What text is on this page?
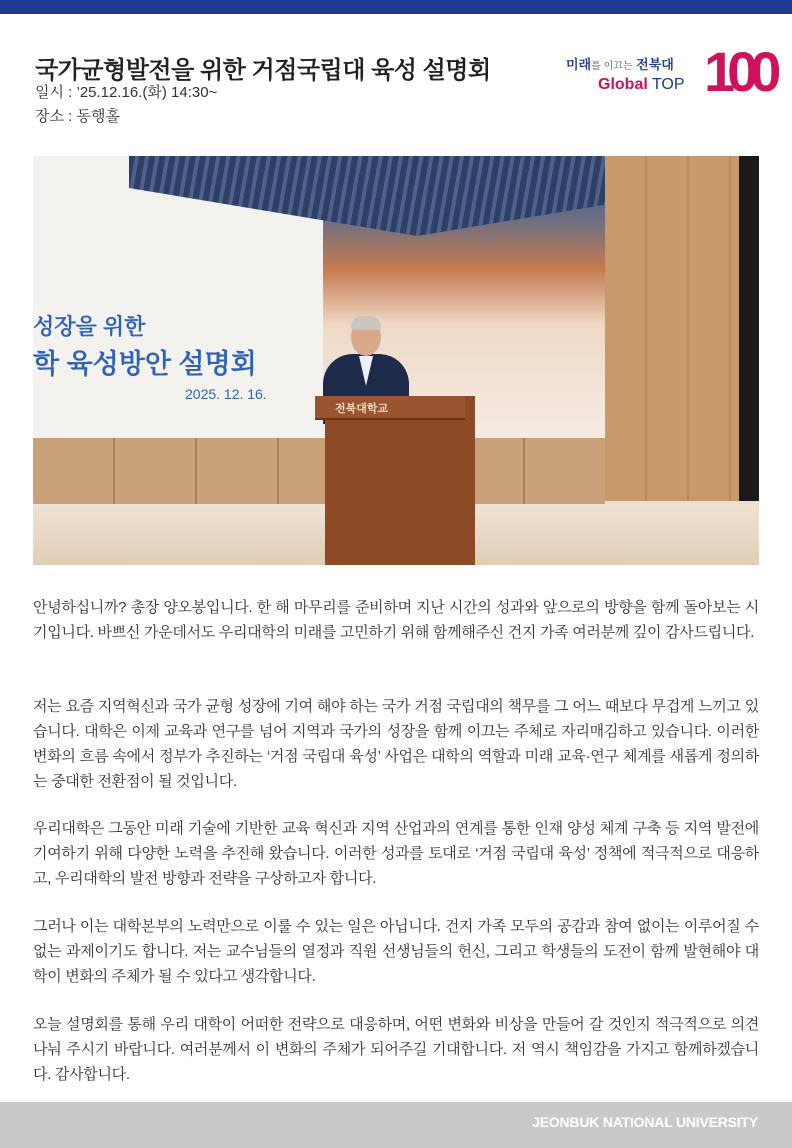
국가균형발전을 위한 거점국립대 육성 설명회
일시 : ’25.12.16.(화) 14:30~
장소 : 동행홀
미래를 이끄는 전북대
Global TOP 100
성장을 위한
학 육성방안 설명회
2025. 12. 16.
전북대학교

안녕하십니까? 총장 양오봉입니다. 한 해 마무리를 준비하며 지난 시간의 성과와 앞으로의 방향을 함께 돌아보는 시기입니다. 바쁘신 가운데서도 우리대학의 미래를 고민하기 위해 함께해주신 건지 가족 여러분께 깊이 감사드립니다.

저는 요즘 지역혁신과 국가 균형 성장에 기여 해야 하는 국가 거점 국립대의 책무를 그 어느 때보다 무겁게 느끼고 있습니다. 대학은 이제 교육과 연구를 넘어 지역과 국가의 성장을 함께 이끄는 주체로 자리매김하고 있습니다. 이러한 변화의 흐름 속에서 정부가 추진하는 ‘거점 국립대 육성’ 사업은 대학의 역할과 미래 교육·연구 체계를 새롭게 정의하는 중대한 전환점이 될 것입니다.

우리대학은 그동안 미래 기술에 기반한 교육 혁신과 지역 산업과의 연계를 통한 인재 양성 체계 구축 등 지역 발전에 기여하기 위해 다양한 노력을 추진해 왔습니다. 이러한 성과를 토대로 ‘거점 국립대 육성’ 정책에 적극적으로 대응하고, 우리대학의 발전 방향과 전략을 구상하고자 합니다.

그러나 이는 대학본부의 노력만으로 이룰 수 있는 일은 아닙니다. 건지 가족 모두의 공감과 참여 없이는 이루어질 수 없는 과제이기도 합니다. 저는 교수님들의 열정과 직원 선생님들의 헌신, 그리고 학생들의 도전이 함께 발현해야 대학이 변화의 주체가 될 수 있다고 생각합니다.

오늘 설명회를 통해 우리 대학이 어떠한 전략으로 대응하며, 어떤 변화와 비상을 만들어 갈 것인지 적극적으로 의견 나눠 주시기 바랍니다. 여러분께서 이 변화의 주체가 되어주길 기대합니다. 저 역시 책임감을 가지고 함께하겠습니다. 감사합니다.

JEONBUK NATIONAL UNIVERSITY
